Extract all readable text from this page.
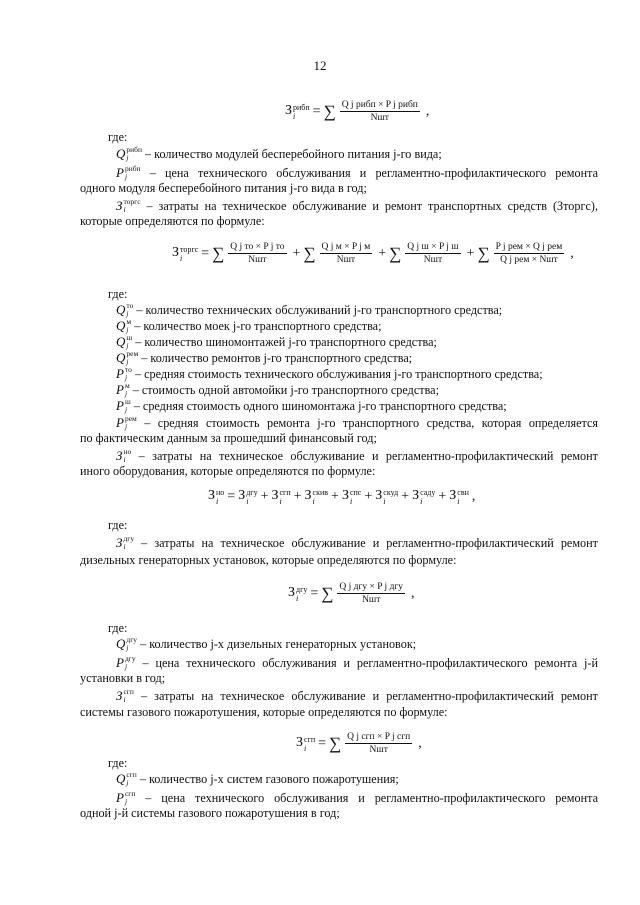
12
З рибп
i	= ∑ $\frac{\text{Q j рибп × P j рибп}}{\text{Nшт}}$ ,
где:
Q рибп
j	– количество модулей бесперебойного питания j-го вида;
P рибп
j	– цена технического обслуживания и регламентно-профилактического ремонта
одного модуля бесперебойного питания j-го вида в год;
З торгс
i	– затраты на техническое обслуживание и ремонт транспортных средств (Зторгс),
которые определяются по формуле:
З торгс
i	= ∑ $\frac{\text{Q j то × P j то}}{\text{Nшт}}$ + ∑ $\frac{\text{Q j м × P j м}}{\text{Nшт}}$ + ∑ $\frac{\text{Q j ш × P j ш}}{\text{Nшт}}$ + ∑ $\frac{\text{P j рем × Q j рем}}{\text{Q j рем × Nшт}}$ ,
где:
Q то
j – количество технических обслуживаний j-го транспортного средства;
Q м
j – количество моек j-го транспортного средства;
Q ш
j – количество шиномонтажей j-го транспортного средства;
Q рем
j – количество ремонтов j-го транспортного средства;
P то
j – средняя стоимость технического обслуживания j-го транспортного средства;
P м
j – стоимость одной автомойки j-го транспортного средства;
P ш
j – средняя стоимость одного шиномонтажа j-го транспортного средства;
P рем
j – средняя стоимость ремонта j-го транспортного средства, которая определяется
по фактическим данным за прошедший финансовый год;
З но
i – затраты на техническое обслуживание и регламентно-профилактический ремонт
иного оборудования, которые определяются по формуле:
З но
i = З дгу
i + З сгп
i + З скив
i	+ З спс
i + З скуд
i	+ З саду
i	+ З свн
i ,
где:
З дгу
i – затраты на техническое обслуживание и регламентно-профилактический ремонт
дизельных генераторных установок, которые определяются по формуле:
З дгу
i = ∑ $\frac{\text{Q j дгу × P j дгу}}{\text{Nшт}}$ ,
где:
Q дгу
j – количество j-х дизельных генераторных установок;
P дгу
j – цена технического обслуживания и регламентно-профилактического ремонта j-й
установки в год;
З сгп
i – затраты на техническое обслуживание и регламентно-профилактический ремонт
системы газового пожаротушения, которые определяются по формуле:
З сгп
i = ∑ $\frac{\text{Q j сгп × P j сгп}}{\text{Nшт}}$ ,
где:
Q сгп
j – количество j-х систем газового пожаротушения;
P сгп
j – цена технического обслуживания и регламентно-профилактического ремонта
одной j-й системы газового пожаротушения в год;
